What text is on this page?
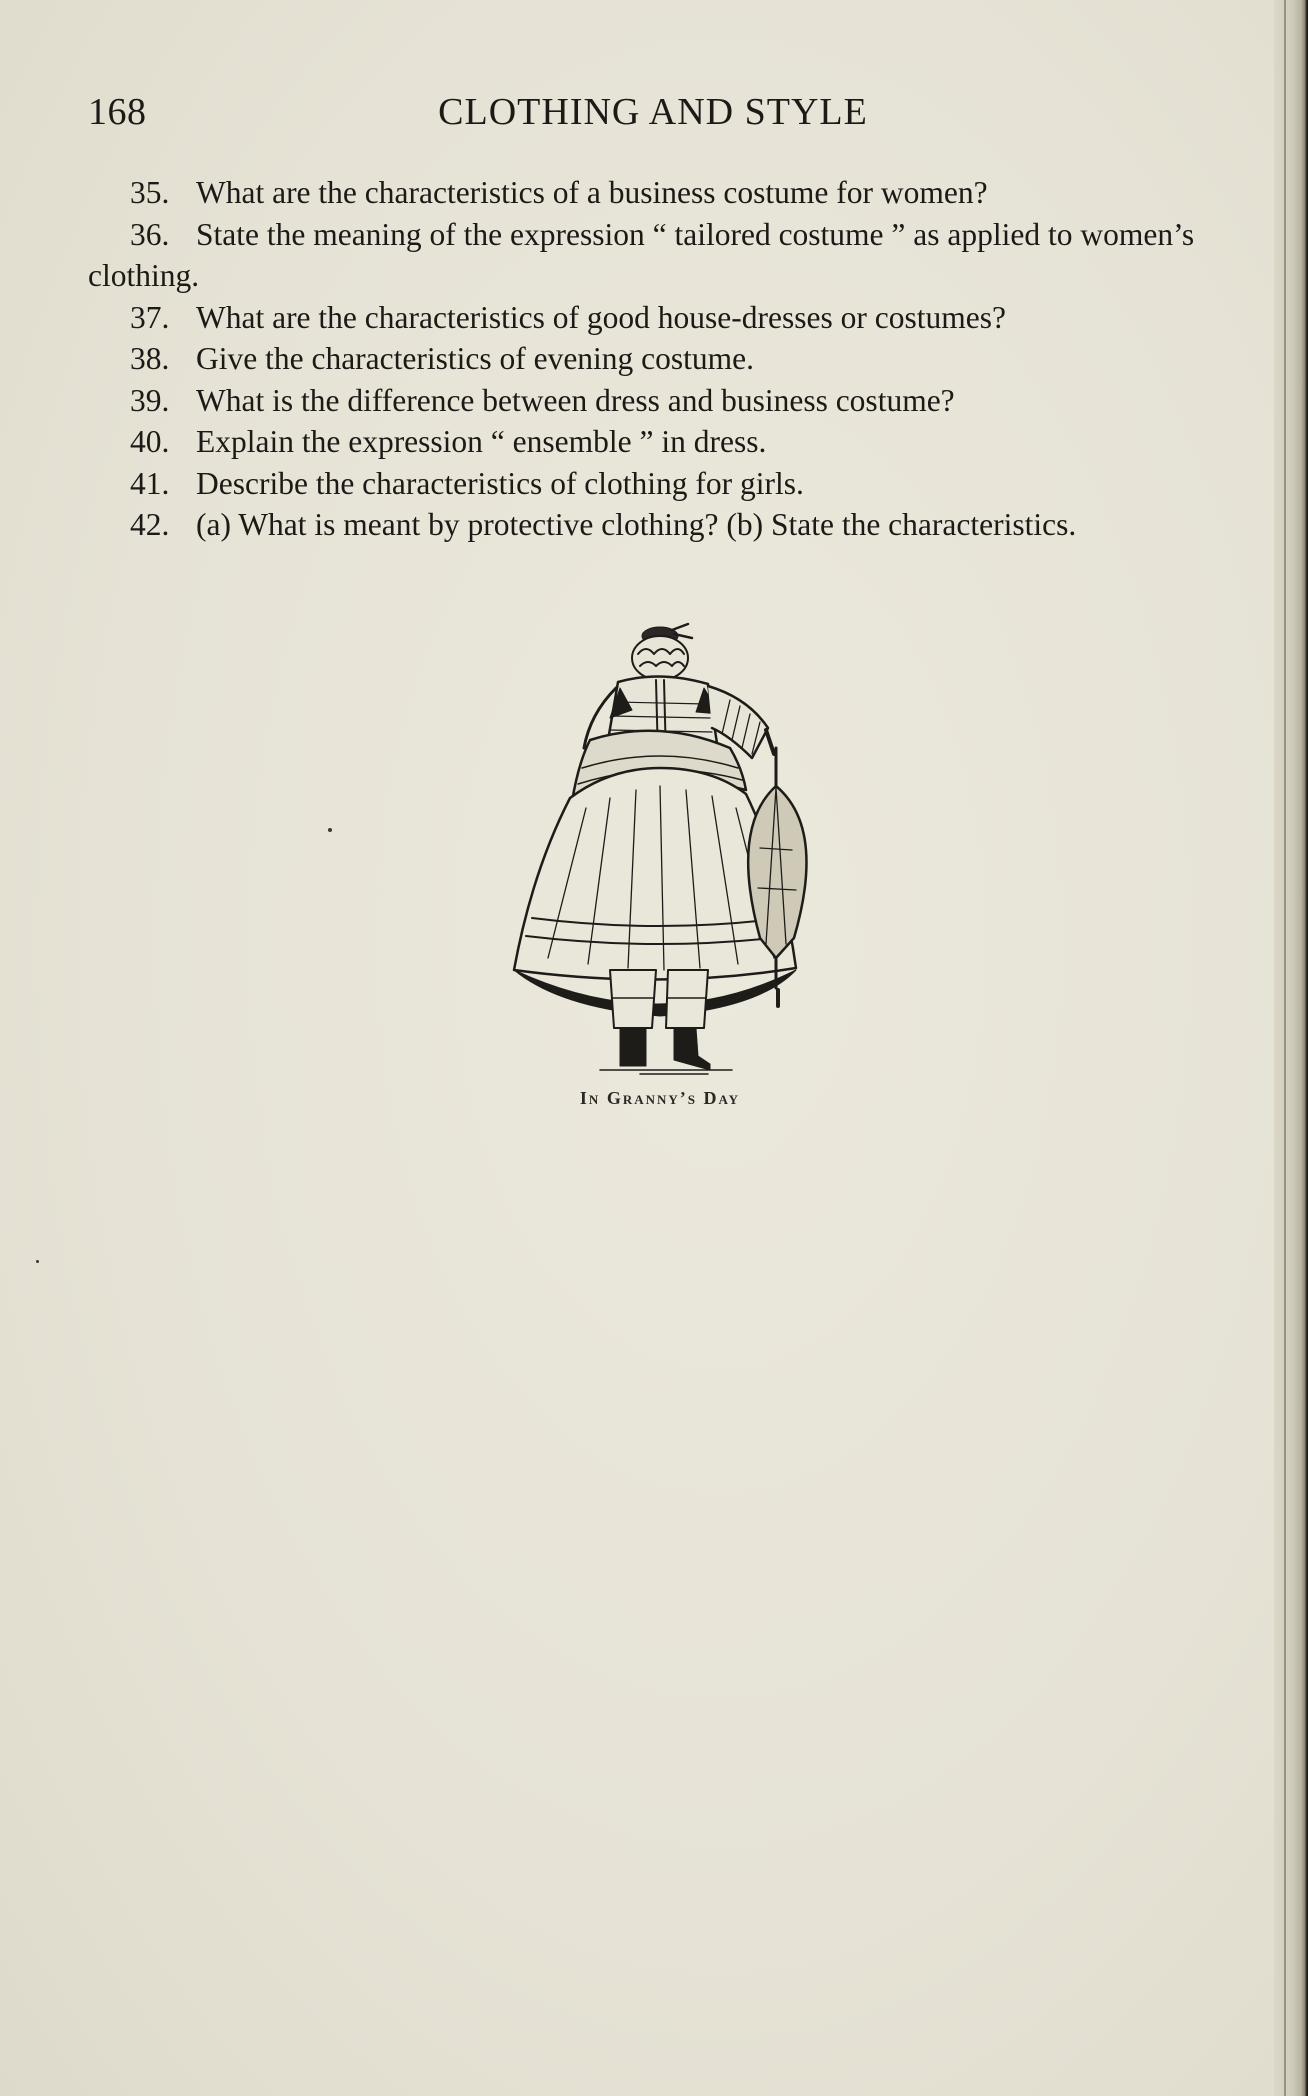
168	CLOTHING AND STYLE
35. What are the characteristics of a business costume for women?
36. State the meaning of the expression “ tailored costume ” as applied to women’s clothing.
37. What are the characteristics of good house-dresses or costumes?
38. Give the characteristics of evening costume.
39. What is the difference between dress and business costume?
40. Explain the expression “ ensemble ” in dress.
41. Describe the characteristics of clothing for girls.
42. (a) What is meant by protective clothing? (b) State the characteristics.
In Granny’s Day
